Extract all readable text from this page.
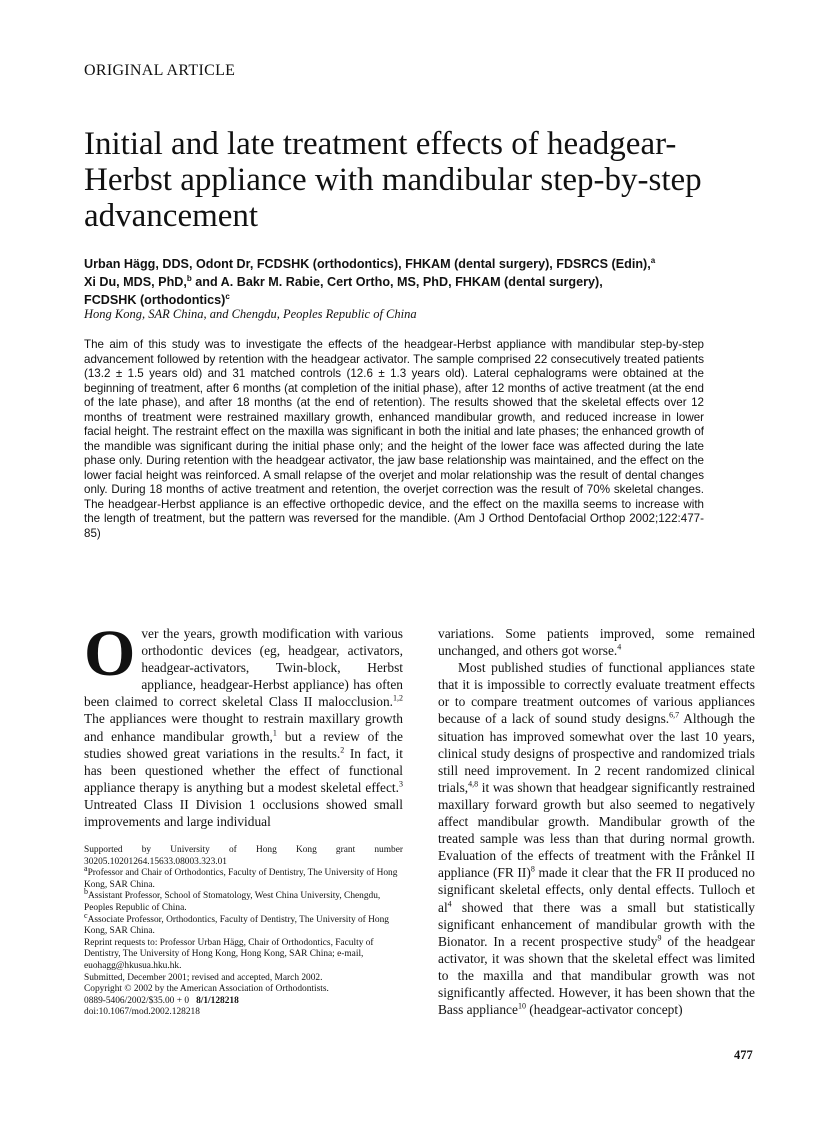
ORIGINAL ARTICLE
Initial and late treatment effects of headgear-Herbst appliance with mandibular step-by-step advancement
Urban Hägg, DDS, Odont Dr, FCDSHK (orthodontics), FHKAM (dental surgery), FDSRCS (Edin),$^a$
Xi Du, MDS, PhD,$^b$ and A. Bakr M. Rabie, Cert Ortho, MS, PhD, FHKAM (dental surgery),
FCDSHK (orthodontics)$^c$
Hong Kong, SAR China, and Chengdu, Peoples Republic of China
The aim of this study was to investigate the effects of the headgear-Herbst appliance with mandibular step-by-step advancement followed by retention with the headgear activator. The sample comprised 22 consecutively treated patients (13.2 ± 1.5 years old) and 31 matched controls (12.6 ± 1.3 years old). Lateral cephalograms were obtained at the beginning of treatment, after 6 months (at completion of the initial phase), after 12 months of active treatment (at the end of the late phase), and after 18 months (at the end of retention). The results showed that the skeletal effects over 12 months of treatment were restrained maxillary growth, enhanced mandibular growth, and reduced increase in lower facial height. The restraint effect on the maxilla was significant in both the initial and late phases; the enhanced growth of the mandible was significant during the initial phase only; and the height of the lower face was affected during the late phase only. During retention with the headgear activator, the jaw base relationship was maintained, and the effect on the lower facial height was reinforced. A small relapse of the overjet and molar relationship was the result of dental changes only. During 18 months of active treatment and retention, the overjet correction was the result of 70% skeletal changes. The headgear-Herbst appliance is an effective orthopedic device, and the effect on the maxilla seems to increase with the length of treatment, but the pattern was reversed for the mandible. (Am J Orthod Dentofacial Orthop 2002;122:477-85)

Over the years, growth modification with various orthodontic devices (eg, headgear, activators, headgear-activators, Twin-block, Herbst appliance, headgear-Herbst appliance) has often been claimed to correct skeletal Class II malocclusion.$^{1,2}$ The appliances were thought to restrain maxillary growth and enhance mandibular growth,$^1$ but a review of the studies showed great variations in the results.$^2$ In fact, it has been questioned whether the effect of functional appliance therapy is anything but a modest skeletal effect.$^3$ Untreated Class II Division 1 occlusions showed small improvements and large individual

Supported by University of Hong Kong grant number 30205.10201264.15633.08003.323.01

$^a$Professor and Chair of Orthodontics, Faculty of Dentistry, The University of Hong Kong, SAR China.

$^b$Assistant Professor, School of Stomatology, West China University, Chengdu, Peoples Republic of China.

$^c$Associate Professor, Orthodontics, Faculty of Dentistry, The University of Hong Kong, SAR China.

Reprint requests to: Professor Urban Hägg, Chair of Orthodontics, Faculty of Dentistry, The University of Hong Kong, Hong Kong, SAR China; e-mail, euohagg@hkusua.hku.hk.

Submitted, December 2001; revised and accepted, March 2002.

Copyright © 2002 by the American Association of Orthodontists.

0889-5406/2002/$35.00 + 0 8/1/128218

doi:10.1067/mod.2002.128218

variations. Some patients improved, some remained unchanged, and others got worse.$^4$

Most published studies of functional appliances state that it is impossible to correctly evaluate treatment effects or to compare treatment outcomes of various appliances because of a lack of sound study designs.$^{6,7}$ Although the situation has improved somewhat over the last 10 years, clinical study designs of prospective and randomized trials still need improvement. In 2 recent randomized clinical trials,$^{4,8}$ it was shown that headgear significantly restrained maxillary forward growth but also seemed to negatively affect mandibular growth. Mandibular growth of the treated sample was less than that during normal growth. Evaluation of the effects of treatment with the Frånkel II appliance (FR II)$^8$ made it clear that the FR II produced no significant skeletal effects, only dental effects. Tulloch et $al^4$ showed that there was a small but statistically significant enhancement of mandibular growth with the Bionator. In a recent prospective study$^9$ of the headgear activator, it was shown that the skeletal effect was limited to the maxilla and that mandibular growth was not significantly affected. However, it has been shown that the Bass appliance$^{10}$ (headgear-activator concept)

477
